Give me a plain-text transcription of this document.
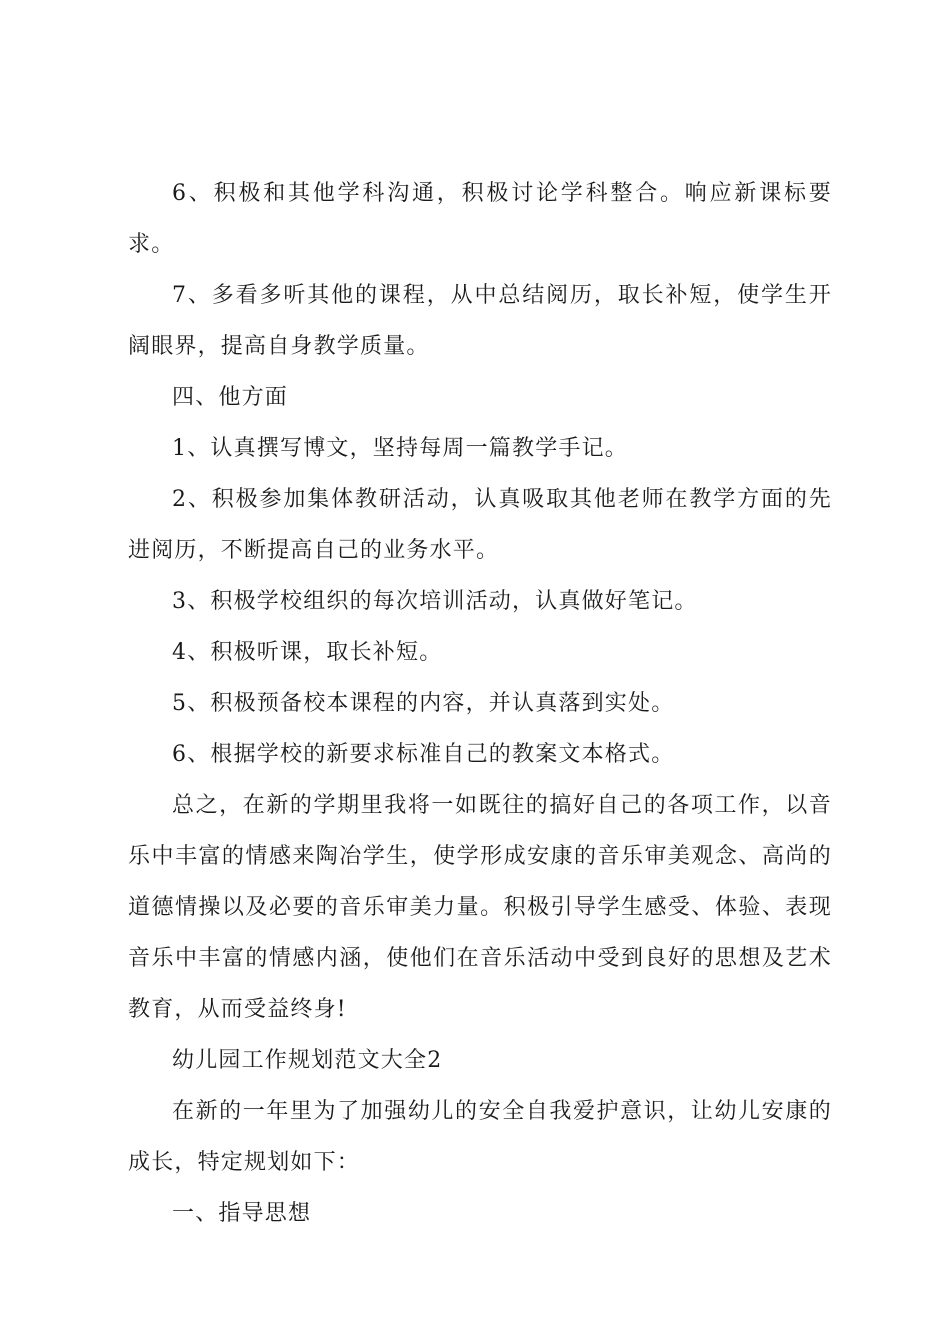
6、积极和其他学科沟通，积极讨论学科整合。响应新课标要求。

7、多看多听其他的课程，从中总结阅历，取长补短，使学生开阔眼界，提高自身教学质量。

四、他方面

1、认真撰写博文，坚持每周一篇教学手记。

2、积极参加集体教研活动，认真吸取其他老师在教学方面的先进阅历，不断提高自己的业务水平。

3、积极学校组织的每次培训活动，认真做好笔记。

4、积极听课，取长补短。

5、积极预备校本课程的内容，并认真落到实处。

6、根据学校的新要求标准自己的教案文本格式。

总之，在新的学期里我将一如既往的搞好自己的各项工作，以音乐中丰富的情感来陶冶学生，使学形成安康的音乐审美观念、高尚的道德情操以及必要的音乐审美力量。积极引导学生感受、体验、表现音乐中丰富的情感内涵，使他们在音乐活动中受到良好的思想及艺术教育，从而受益终身!

幼儿园工作规划范文大全2

在新的一年里为了加强幼儿的安全自我爱护意识，让幼儿安康的成长，特定规划如下：

一、指导思想
